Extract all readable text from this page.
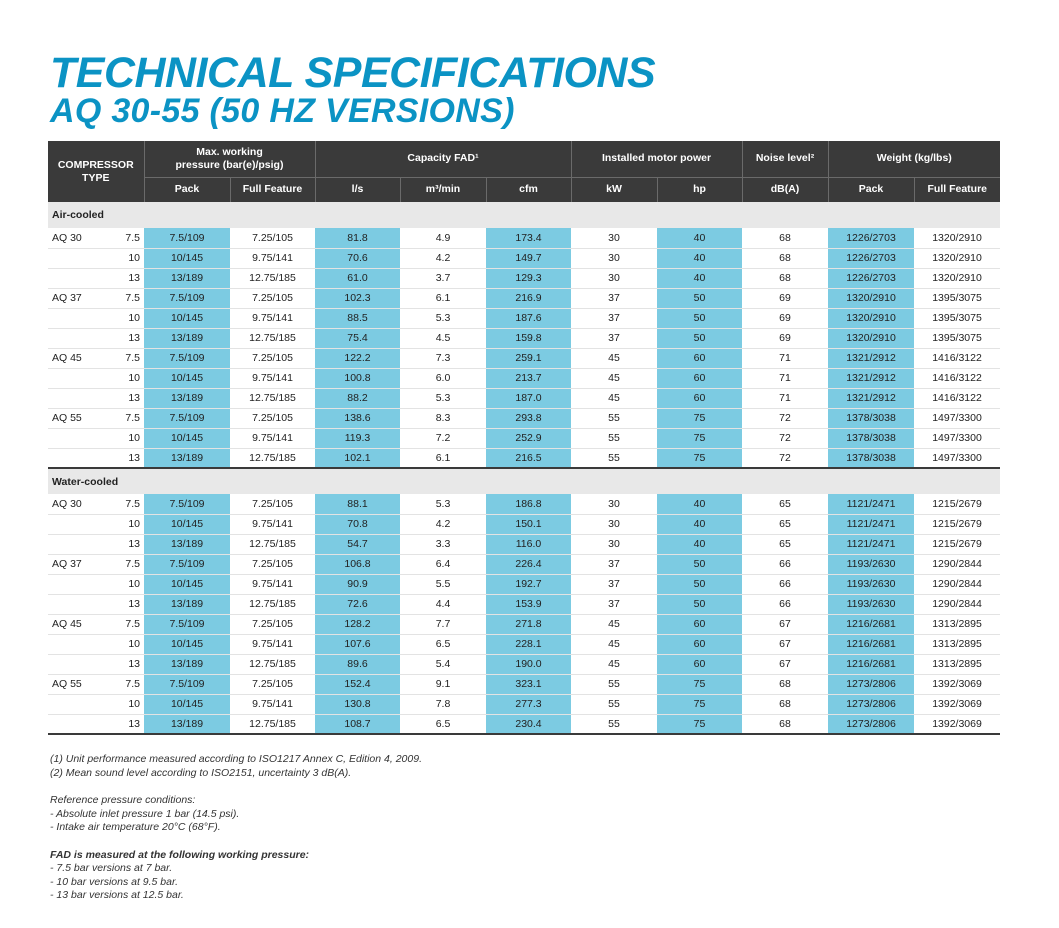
TECHNICAL SPECIFICATIONS
AQ 30-55 (50 HZ VERSIONS)
COMPRESSOR TYPE		Max. working pressure (bar(e)/psig)		Capacity FAD¹			Installed motor power		Noise level²	Weight (kg/lbs)	
		Pack	Full Feature	l/s	m³/min	cfm	kW	hp	dB(A)	Pack	Full Feature
Air-cooled											
AQ 30	7.5	7.5/109	7.25/105	81.8	4.9	173.4	30	40	68	1226/2703	1320/2910
	10	10/145	9.75/141	70.6	4.2	149.7	30	40	68	1226/2703	1320/2910
	13	13/189	12.75/185	61.0	3.7	129.3	30	40	68	1226/2703	1320/2910
AQ 37	7.5	7.5/109	7.25/105	102.3	6.1	216.9	37	50	69	1320/2910	1395/3075
	10	10/145	9.75/141	88.5	5.3	187.6	37	50	69	1320/2910	1395/3075
	13	13/189	12.75/185	75.4	4.5	159.8	37	50	69	1320/2910	1395/3075
AQ 45	7.5	7.5/109	7.25/105	122.2	7.3	259.1	45	60	71	1321/2912	1416/3122
	10	10/145	9.75/141	100.8	6.0	213.7	45	60	71	1321/2912	1416/3122
	13	13/189	12.75/185	88.2	5.3	187.0	45	60	71	1321/2912	1416/3122
AQ 55	7.5	7.5/109	7.25/105	138.6	8.3	293.8	55	75	72	1378/3038	1497/3300
	10	10/145	9.75/141	119.3	7.2	252.9	55	75	72	1378/3038	1497/3300
	13	13/189	12.75/185	102.1	6.1	216.5	55	75	72	1378/3038	1497/3300
Water-cooled											
AQ 30	7.5	7.5/109	7.25/105	88.1	5.3	186.8	30	40	65	1121/2471	1215/2679
	10	10/145	9.75/141	70.8	4.2	150.1	30	40	65	1121/2471	1215/2679
	13	13/189	12.75/185	54.7	3.3	116.0	30	40	65	1121/2471	1215/2679
AQ 37	7.5	7.5/109	7.25/105	106.8	6.4	226.4	37	50	66	1193/2630	1290/2844
	10	10/145	9.75/141	90.9	5.5	192.7	37	50	66	1193/2630	1290/2844
	13	13/189	12.75/185	72.6	4.4	153.9	37	50	66	1193/2630	1290/2844
AQ 45	7.5	7.5/109	7.25/105	128.2	7.7	271.8	45	60	67	1216/2681	1313/2895
	10	10/145	9.75/141	107.6	6.5	228.1	45	60	67	1216/2681	1313/2895
	13	13/189	12.75/185	89.6	5.4	190.0	45	60	67	1216/2681	1313/2895
AQ 55	7.5	7.5/109	7.25/105	152.4	9.1	323.1	55	75	68	1273/2806	1392/3069
	10	10/145	9.75/141	130.8	7.8	277.3	55	75	68	1273/2806	1392/3069
	13	13/189	12.75/185	108.7	6.5	230.4	55	75	68	1273/2806	1392/3069

(1) Unit performance measured according to ISO1217 Annex C, Edition 4, 2009.

(2) Mean sound level according to ISO2151, uncertainty 3 dB(A).

Reference pressure conditions:

- Absolute inlet pressure 1 bar (14.5 psi).

- Intake air temperature 20°C (68°F).

FAD is measured at the following working pressure:

- 7.5 bar versions at 7 bar.

- 10 bar versions at 9.5 bar.

- 13 bar versions at 12.5 bar.
